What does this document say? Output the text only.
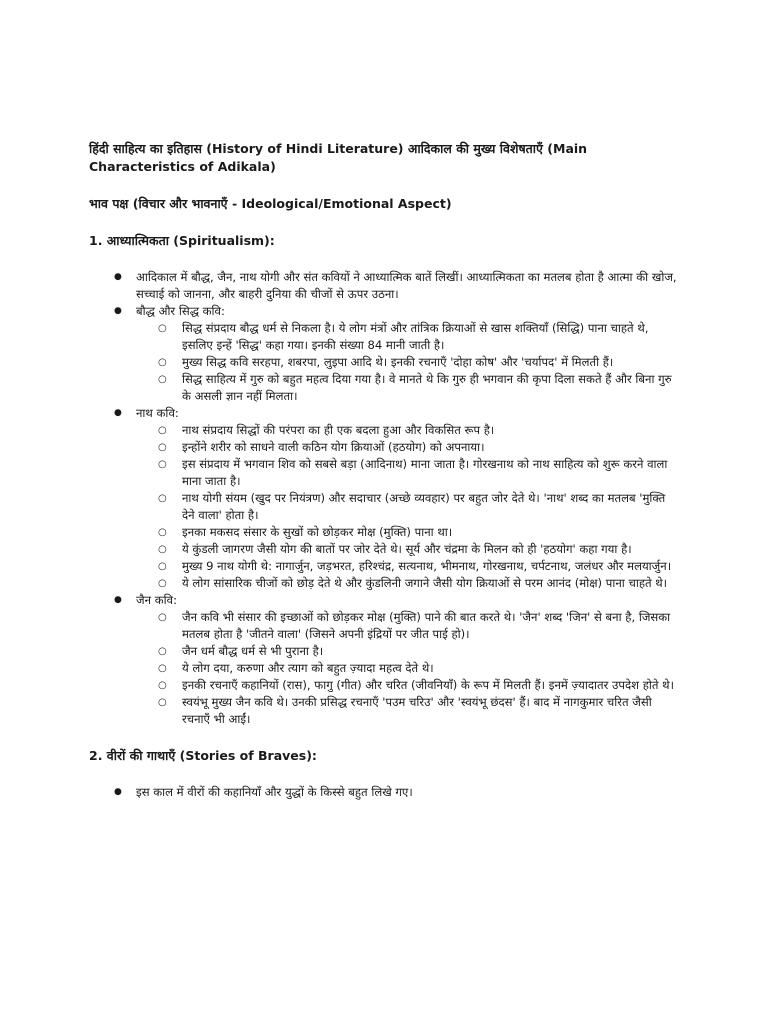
हिंदी साहित्य का इतिहास (History of Hindi Literature) आदिकाल की मुख्य विशेषताएँ (Main Characteristics of Adikala)

भाव पक्ष (विचार और भावनाएँ - Ideological/Emotional Aspect)

1. आध्यात्मिकता (Spiritualism):
● आदिकाल में बौद्ध, जैन, नाथ योगी और संत कवियों ने आध्यात्मिक बातें लिखीं। आध्यात्मिकता का मतलब होता है आत्मा की खोज, सच्चाई को जानना, और बाहरी दुनिया की चीजों से ऊपर उठना।
● बौद्ध और सिद्ध कवि:
○ सिद्ध संप्रदाय बौद्ध धर्म से निकला है। ये लोग मंत्रों और तांत्रिक क्रियाओं से खास शक्तियाँ (सिद्धि) पाना चाहते थे, इसलिए इन्हें 'सिद्ध' कहा गया। इनकी संख्या 84 मानी जाती है।
○ मुख्य सिद्ध कवि सरहपा, शबरपा, लुइपा आदि थे। इनकी रचनाएँ 'दोहा कोष' और 'चर्यापद' में मिलती हैं।
○ सिद्ध साहित्य में गुरु को बहुत महत्व दिया गया है। वे मानते थे कि गुरु ही भगवान की कृपा दिला सकते हैं और बिना गुरु के असली ज्ञान नहीं मिलता।
● नाथ कवि:
○ नाथ संप्रदाय सिद्धों की परंपरा का ही एक बदला हुआ और विकसित रूप है।
○ इन्होंने शरीर को साधने वाली कठिन योग क्रियाओं (हठयोग) को अपनाया।
○ इस संप्रदाय में भगवान शिव को सबसे बड़ा (आदिनाथ) माना जाता है। गोरखनाथ को नाथ साहित्य को शुरू करने वाला माना जाता है।
○ नाथ योगी संयम (खुद पर नियंत्रण) और सदाचार (अच्छे व्यवहार) पर बहुत जोर देते थे। 'नाथ' शब्द का मतलब 'मुक्ति देने वाला' होता है।
○ इनका मकसद संसार के सुखों को छोड़कर मोक्ष (मुक्ति) पाना था।
○ ये कुंडली जागरण जैसी योग की बातों पर जोर देते थे। सूर्य और चंद्रमा के मिलन को ही 'हठयोग' कहा गया है।
○ मुख्य 9 नाथ योगी थे: नागार्जुन, जड़भरत, हरिश्चंद्र, सत्यनाथ, भीमनाथ, गोरखनाथ, चर्पटनाथ, जलंधर और मलयार्जुन।
○ ये लोग सांसारिक चीजों को छोड़ देते थे और कुंडलिनी जगाने जैसी योग क्रियाओं से परम आनंद (मोक्ष) पाना चाहते थे।
● जैन कवि:
○ जैन कवि भी संसार की इच्छाओं को छोड़कर मोक्ष (मुक्ति) पाने की बात करते थे। 'जैन' शब्द 'जिन' से बना है, जिसका मतलब होता है 'जीतने वाला' (जिसने अपनी इंद्रियों पर जीत पाई हो)।
○ जैन धर्म बौद्ध धर्म से भी पुराना है।
○ ये लोग दया, करुणा और त्याग को बहुत ज़्यादा महत्व देते थे।
○ इनकी रचनाएँ कहानियों (रास), फागु (गीत) और चरित (जीवनियाँ) के रूप में मिलती हैं। इनमें ज़्यादातर उपदेश होते थे।
○ स्वयंभू मुख्य जैन कवि थे। उनकी प्रसिद्ध रचनाएँ 'पउम चरिउ' और 'स्वयंभू छंदस' हैं। बाद में नागकुमार चरित जैसी रचनाएँ भी आईं।
2. वीरों की गाथाएँ (Stories of Braves):
● इस काल में वीरों की कहानियाँ और युद्धों के किस्से बहुत लिखे गए।
